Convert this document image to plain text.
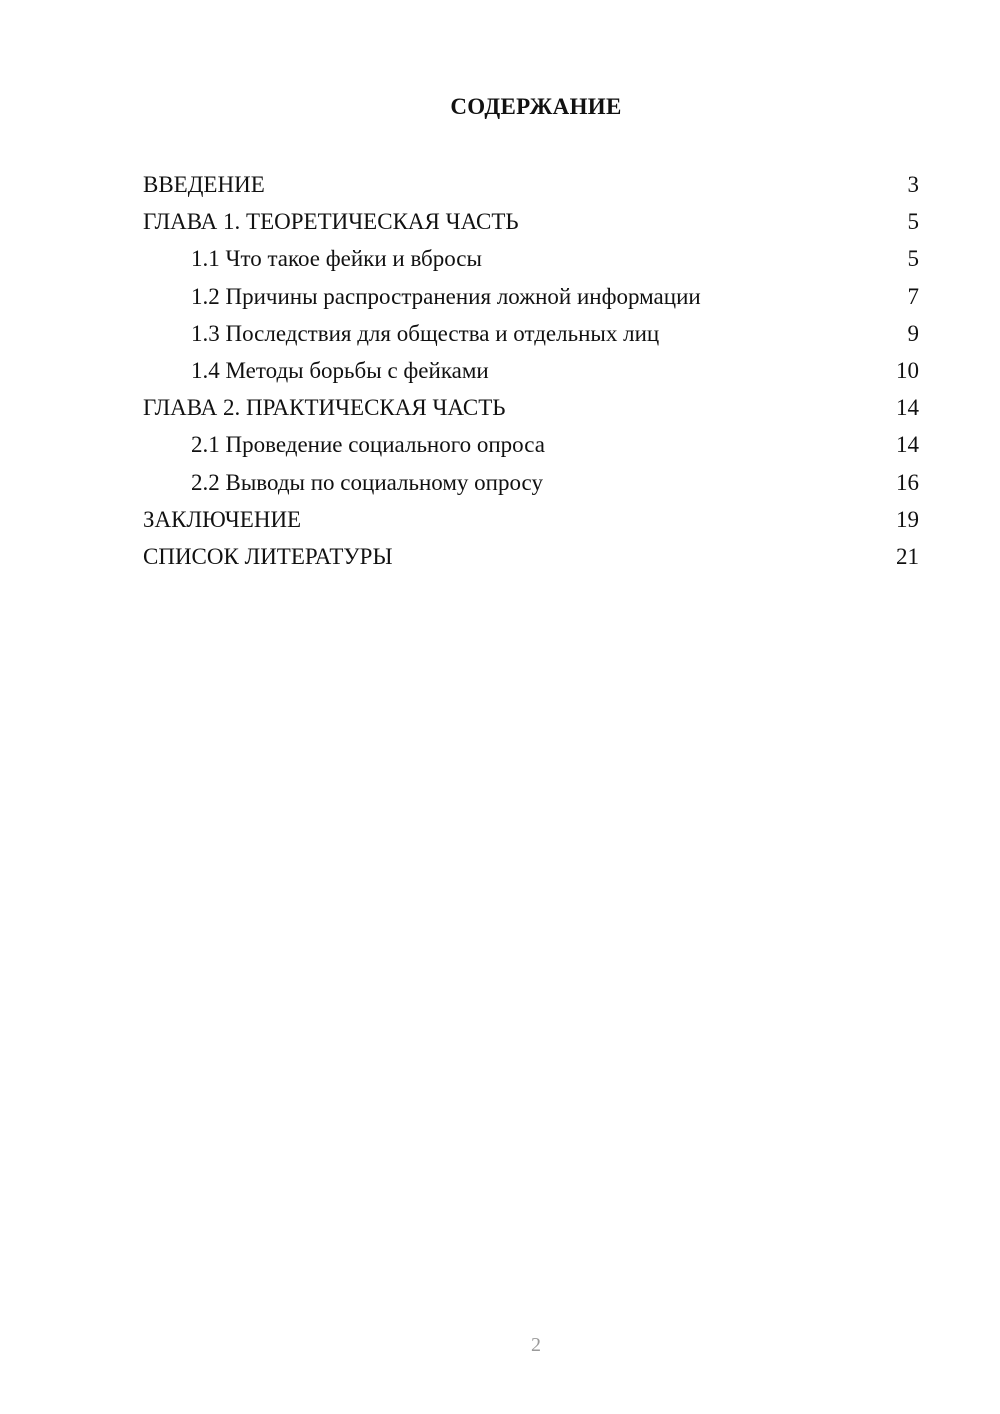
СОДЕРЖАНИЕ
ВВЕДЕНИЕ	3
ГЛАВА 1. ТЕОРЕТИЧЕСКАЯ ЧАСТЬ	5
1.1 Что такое фейки и вбросы	5
1.2 Причины распространения ложной информации	7
1.3 Последствия для общества и отдельных лиц	9
1.4 Методы борьбы с фейками	10
ГЛАВА 2. ПРАКТИЧЕСКАЯ ЧАСТЬ	14
2.1 Проведение социального опроса	14
2.2 Выводы по социальному опросу	16
ЗАКЛЮЧЕНИЕ	19
СПИСОК ЛИТЕРАТУРЫ	21
2
